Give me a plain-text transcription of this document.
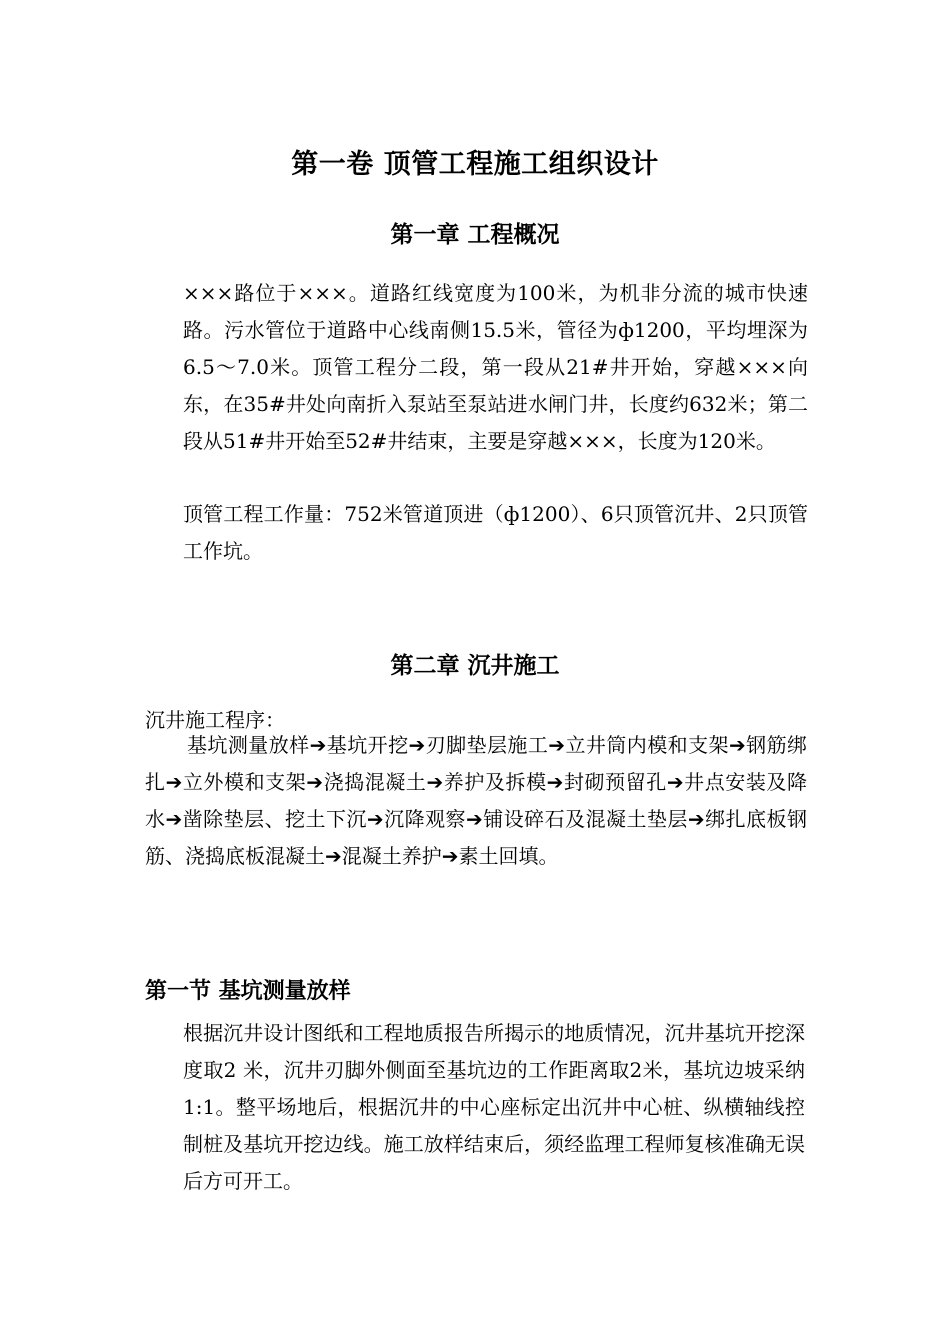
第一卷 顶管工程施工组织设计
第一章 工程概况

×××路位于×××。道路红线宽度为100米，为机非分流的城市快速路。污水管位于道路中心线南侧15.5米，管径为ф1200，平均埋深为6.5～7.0米。顶管工程分二段，第一段从21#井开始，穿越×××向东，在35#井处向南折入泵站至泵站进水闸门井，长度约632米；第二段从51#井开始至52#井结束，主要是穿越×××，长度为120米。

顶管工程工作量：752米管道顶进（ф1200）、6只顶管沉井、2只顶管工作坑。

第二章 沉井施工

沉井施工程序：

基坑测量放样➔基坑开挖➔刃脚垫层施工➔立井筒内模和支架➔钢筋绑扎➔立外模和支架➔浇捣混凝土➔养护及拆模➔封砌预留孔➔井点安装及降水➔凿除垫层、挖土下沉➔沉降观察➔铺设碎石及混凝土垫层➔绑扎底板钢筋、浇捣底板混凝土➔混凝土养护➔素土回填。

第一节 基坑测量放样

根据沉井设计图纸和工程地质报告所揭示的地质情况，沉井基坑开挖深度取2 米，沉井刃脚外侧面至基坑边的工作距离取2米，基坑边坡采纳1:1。整平场地后，根据沉井的中心座标定出沉井中心桩、纵横轴线控制桩及基坑开挖边线。施工放样结束后，须经监理工程师复核准确无误后方可开工。
